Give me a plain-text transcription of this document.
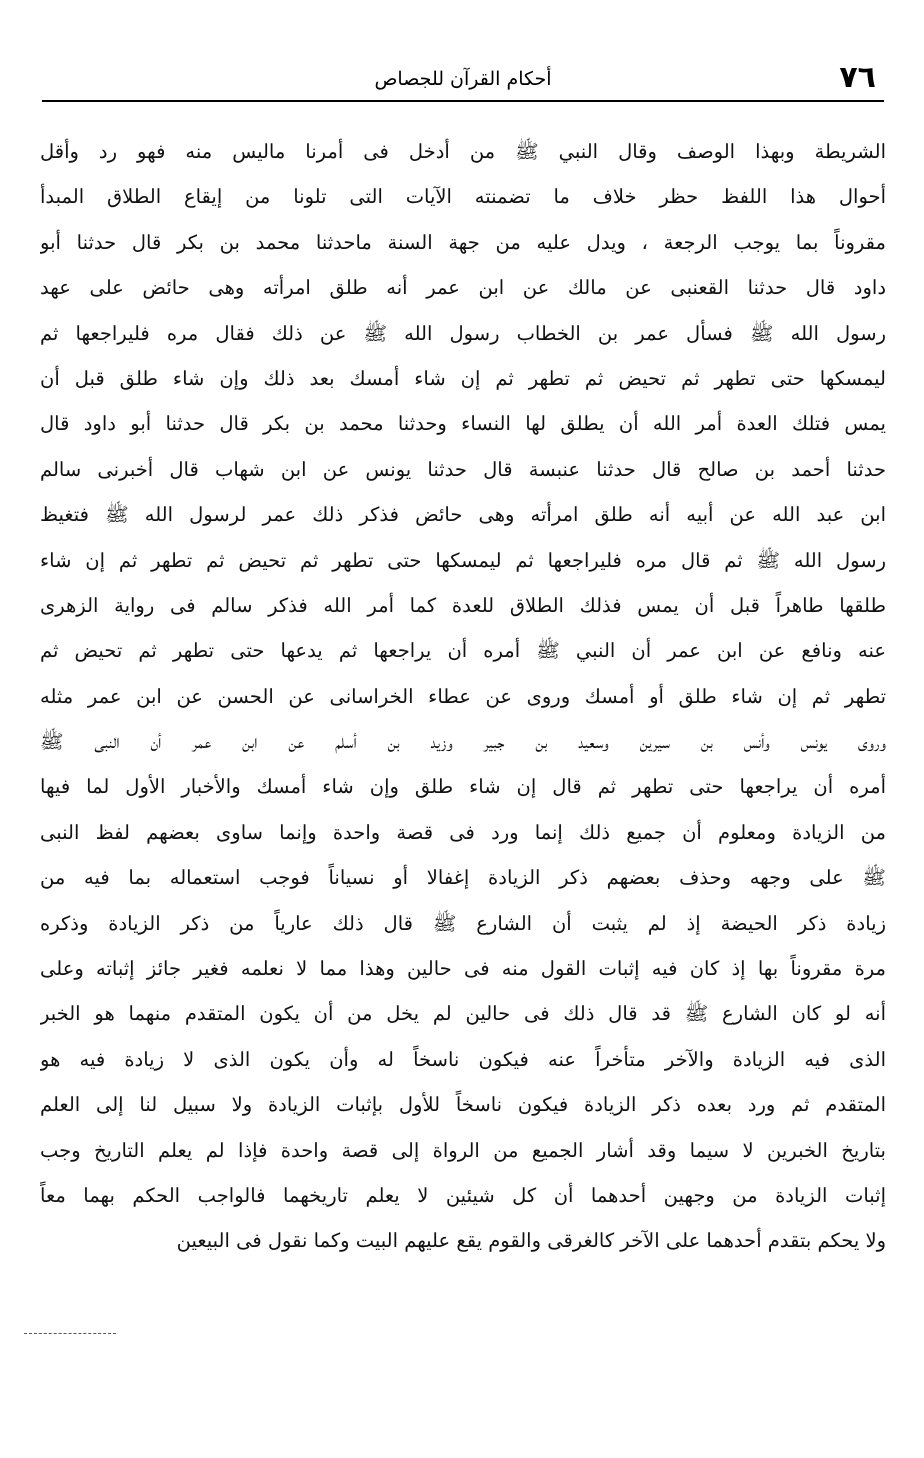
٧٦
أحكام القرآن للجصاص
الشريطة وبهذا الوصف وقال النبي ﷺ من أدخل فى أمرنا ماليس منه فهو رد وأقل
أحوال هذا اللفظ حظر خلاف ما تضمنته الآيات التى تلونا من إيقاع الطلاق المبدأ
مقروناً بما يوجب الرجعة ، ويدل عليه من جهة السنة ماحدثنا محمد بن بكر قال حدثنا أبو
داود قال حدثنا القعنبى عن مالك عن ابن عمر أنه طلق امرأته وهى حائض على عهد
رسول الله ﷺ فسأل عمر بن الخطاب رسول الله ﷺ عن ذلك فقال مره فليراجعها ثم
ليمسكها حتى تطهر ثم تحيض ثم تطهر ثم إن شاء أمسك بعد ذلك وإن شاء طلق قبل أن
يمس فتلك العدة أمر الله أن يطلق لها النساء وحدثنا محمد بن بكر قال حدثنا أبو داود قال
حدثنا أحمد بن صالح قال حدثنا عنبسة قال حدثنا يونس عن ابن شهاب قال أخبرنى سالم
ابن عبد الله عن أبيه أنه طلق امرأته وهى حائض فذكر ذلك عمر لرسول الله ﷺ فتغيظ
رسول الله ﷺ ثم قال مره فليراجعها ثم ليمسكها حتى تطهر ثم تحيض ثم تطهر ثم إن شاء
طلقها طاهراً قبل أن يمس فذلك الطلاق للعدة كما أمر الله فذكر سالم فى رواية الزهرى
عنه ونافع عن ابن عمر أن النبي ﷺ أمره أن يراجعها ثم يدعها حتى تطهر ثم تحيض ثم
تطهر ثم إن شاء طلق أو أمسك وروى عن عطاء الخراسانى عن الحسن عن ابن عمر مثله
وروى يونس وأنس بن سيرين وسعيد بن جبير وزيد بن أسلم عن ابن عمر أن النبى ﷺ
أمره أن يراجعها حتى تطهر ثم قال إن شاء طلق وإن شاء أمسك والأخبار الأول لما فيها
من الزيادة ومعلوم أن جميع ذلك إنما ورد فى قصة واحدة وإنما ساوى بعضهم لفظ النبى
ﷺ على وجهه وحذف بعضهم ذكر الزيادة إغفالا أو نسياناً فوجب استعماله بما فيه من
زيادة ذكر الحيضة إذ لم يثبت أن الشارع ﷺ قال ذلك عارياً من ذكر الزيادة وذكره
مرة مقروناً بها إذ كان فيه إثبات القول منه فى حالين وهذا مما لا نعلمه فغير جائز إثباته وعلى
أنه لو كان الشارع ﷺ قد قال ذلك فى حالين لم يخل من أن يكون المتقدم منهما هو الخبر
الذى فيه الزيادة والآخر متأخراً عنه فيكون ناسخاً له وأن يكون الذى لا زيادة فيه هو
المتقدم ثم ورد بعده ذكر الزيادة فيكون ناسخاً للأول بإثبات الزيادة ولا سبيل لنا إلى العلم
بتاريخ الخبرين لا سيما وقد أشار الجميع من الرواة إلى قصة واحدة فإذا لم يعلم التاريخ وجب
إثبات الزيادة من وجهين أحدهما أن كل شيئين لا يعلم تاريخهما فالواجب الحكم بهما معاً
ولا يحكم بتقدم أحدهما على الآخر كالغرقى والقوم يقع عليهم البيت وكما نقول فى البيعين
